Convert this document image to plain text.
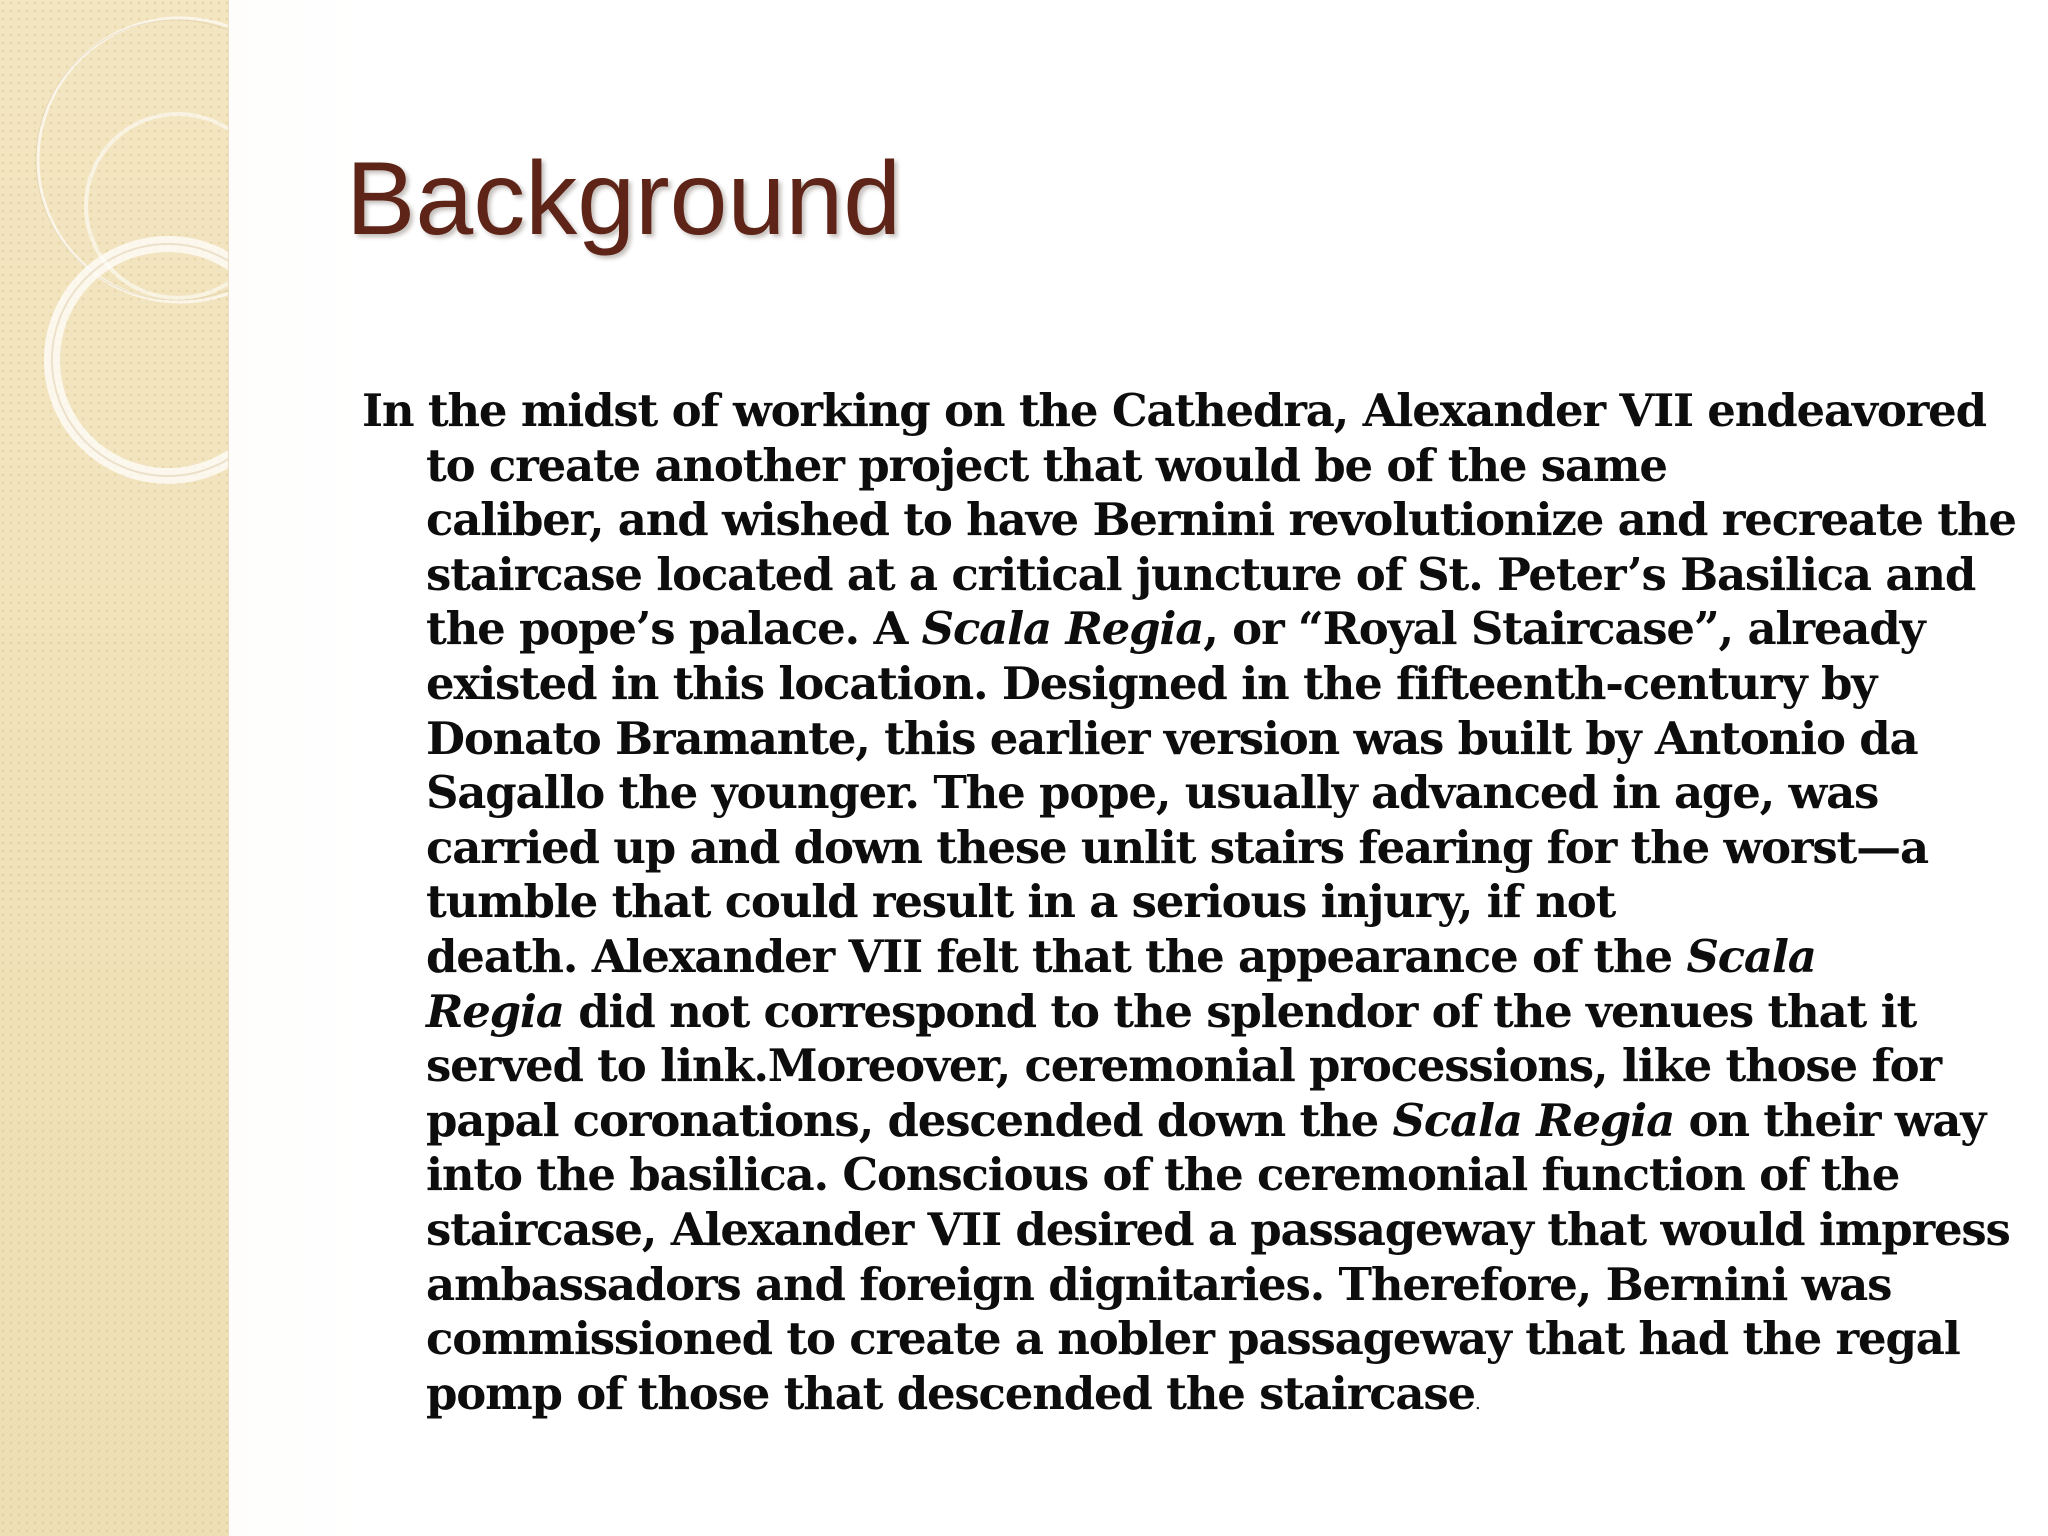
Background
In the midst of working on the Cathedra, Alexander VII endeavored
to create another project that would be of the same
caliber, and wished to have Bernini revolutionize and recreate the
staircase located at a critical juncture of St. Peter’s Basilica and
the pope’s palace. A Scala Regia, or “Royal Staircase”, already
existed in this location. Designed in the fifteenth-century by
Donato Bramante, this earlier version was built by Antonio da
Sagallo the younger. The pope, usually advanced in age, was
carried up and down these unlit stairs fearing for the worst—a
tumble that could result in a serious injury, if not
death. Alexander VII felt that the appearance of the Scala
Regia did not correspond to the splendor of the venues that it
served to link.Moreover, ceremonial processions, like those for
papal coronations, descended down the Scala Regia on their way
into the basilica. Conscious of the ceremonial function of the
staircase, Alexander VII desired a passageway that would impress
ambassadors and foreign dignitaries. Therefore, Bernini was
commissioned to create a nobler passageway that had the regal
pomp of those that descended the staircase.
